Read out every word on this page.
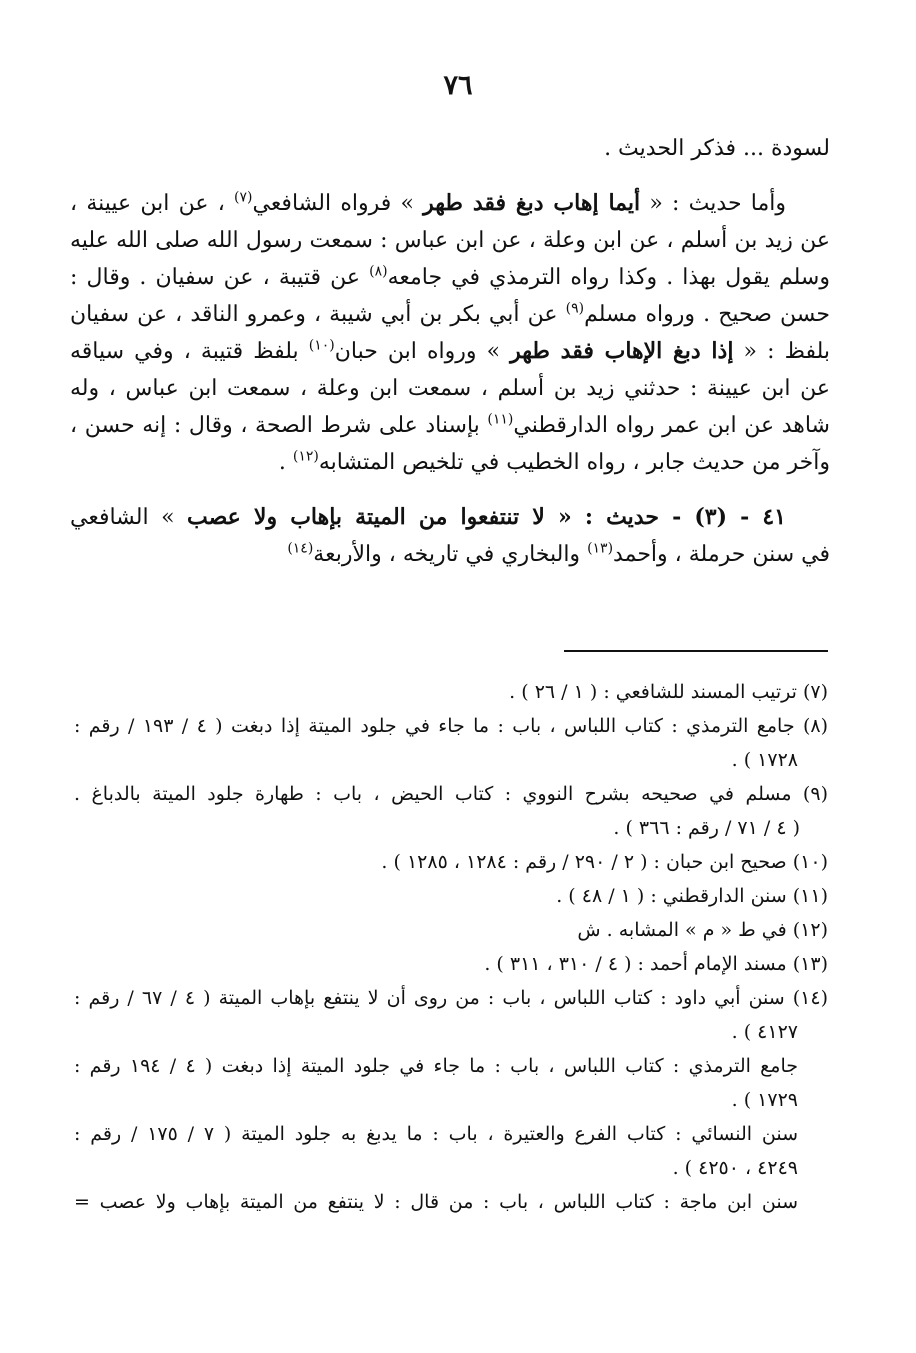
٧٦
لسودة ... فذكر الحديث .
وأما حديث : « أيما إهاب دبغ فقد طهر » فرواه الشافعي$^{(٧)}$ ، عن ابن عيينة ،
عن زيد بن أسلم ، عن ابن وعلة ، عن ابن عباس : سمعت رسول الله صلى الله عليه
وسلم يقول بهذا . وكذا رواه الترمذي في جامعه$^{(٨)}$ عن قتيبة ، عن سفيان . وقال :
حسن صحيح . ورواه مسلم$^{(٩)}$ عن أبي بكر بن أبي شيبة ، وعمرو الناقد ، عن سفيان
بلفظ : « إذا دبغ الإهاب فقد طهر » ورواه ابن حبان$^{(١٠)}$ بلفظ قتيبة ، وفي سياقه
عن ابن عيينة : حدثني زيد بن أسلم ، سمعت ابن وعلة ، سمعت ابن عباس ، وله
شاهد عن ابن عمر رواه الدارقطني$^{(١١)}$ بإسناد على شرط الصحة ، وقال : إنه حسن ،
وآخر من حديث جابر ، رواه الخطيب في تلخيص المتشابه$^{(١٢)}$ .
٤١ - (٣) - حديث : « لا تنتفعوا من الميتة بإهاب ولا عصب » الشافعي
في سنن حرملة ، وأحمد$^{(١٣)}$ والبخاري في تاريخه ، والأربعة$^{(١٤)}$
(٧) ترتيب المسند للشافعي : ( ١ / ٢٦ ) .
(٨) جامع الترمذي : كتاب اللباس ، باب : ما جاء في جلود الميتة إذا دبغت ( ٤ / ١٩٣ / رقم :
١٧٢٨ ) .
(٩) مسلم في صحيحه بشرح النووي : كتاب الحيض ، باب : طهارة جلود الميتة بالدباغ .
( ٤ / ٧١ / رقم : ٣٦٦ ) .
(١٠) صحيح ابن حبان : ( ٢ / ٢٩٠ / رقم : ١٢٨٤ ، ١٢٨٥ ) .
(١١) سنن الدارقطني : ( ١ / ٤٨ ) .
(١٢) في ط « م » المشابه . ش
(١٣) مسند الإمام أحمد : ( ٤ / ٣١٠ ، ٣١١ ) .
(١٤) سنن أبي داود : كتاب اللباس ، باب : من روى أن لا ينتفع بإهاب الميتة ( ٤ / ٦٧ / رقم :
٤١٢٧ ) .
جامع الترمذي : كتاب اللباس ، باب : ما جاء في جلود الميتة إذا دبغت ( ٤ / ١٩٤ رقم :
١٧٢٩ ) .
سنن النسائي : كتاب الفرع والعتيرة ، باب : ما يدبغ به جلود الميتة ( ٧ / ١٧٥ / رقم :
٤٢٤٩ ، ٤٢٥٠ ) .
سنن ابن ماجة : كتاب اللباس ، باب : من قال : لا ينتفع من الميتة بإهاب ولا عصب =
